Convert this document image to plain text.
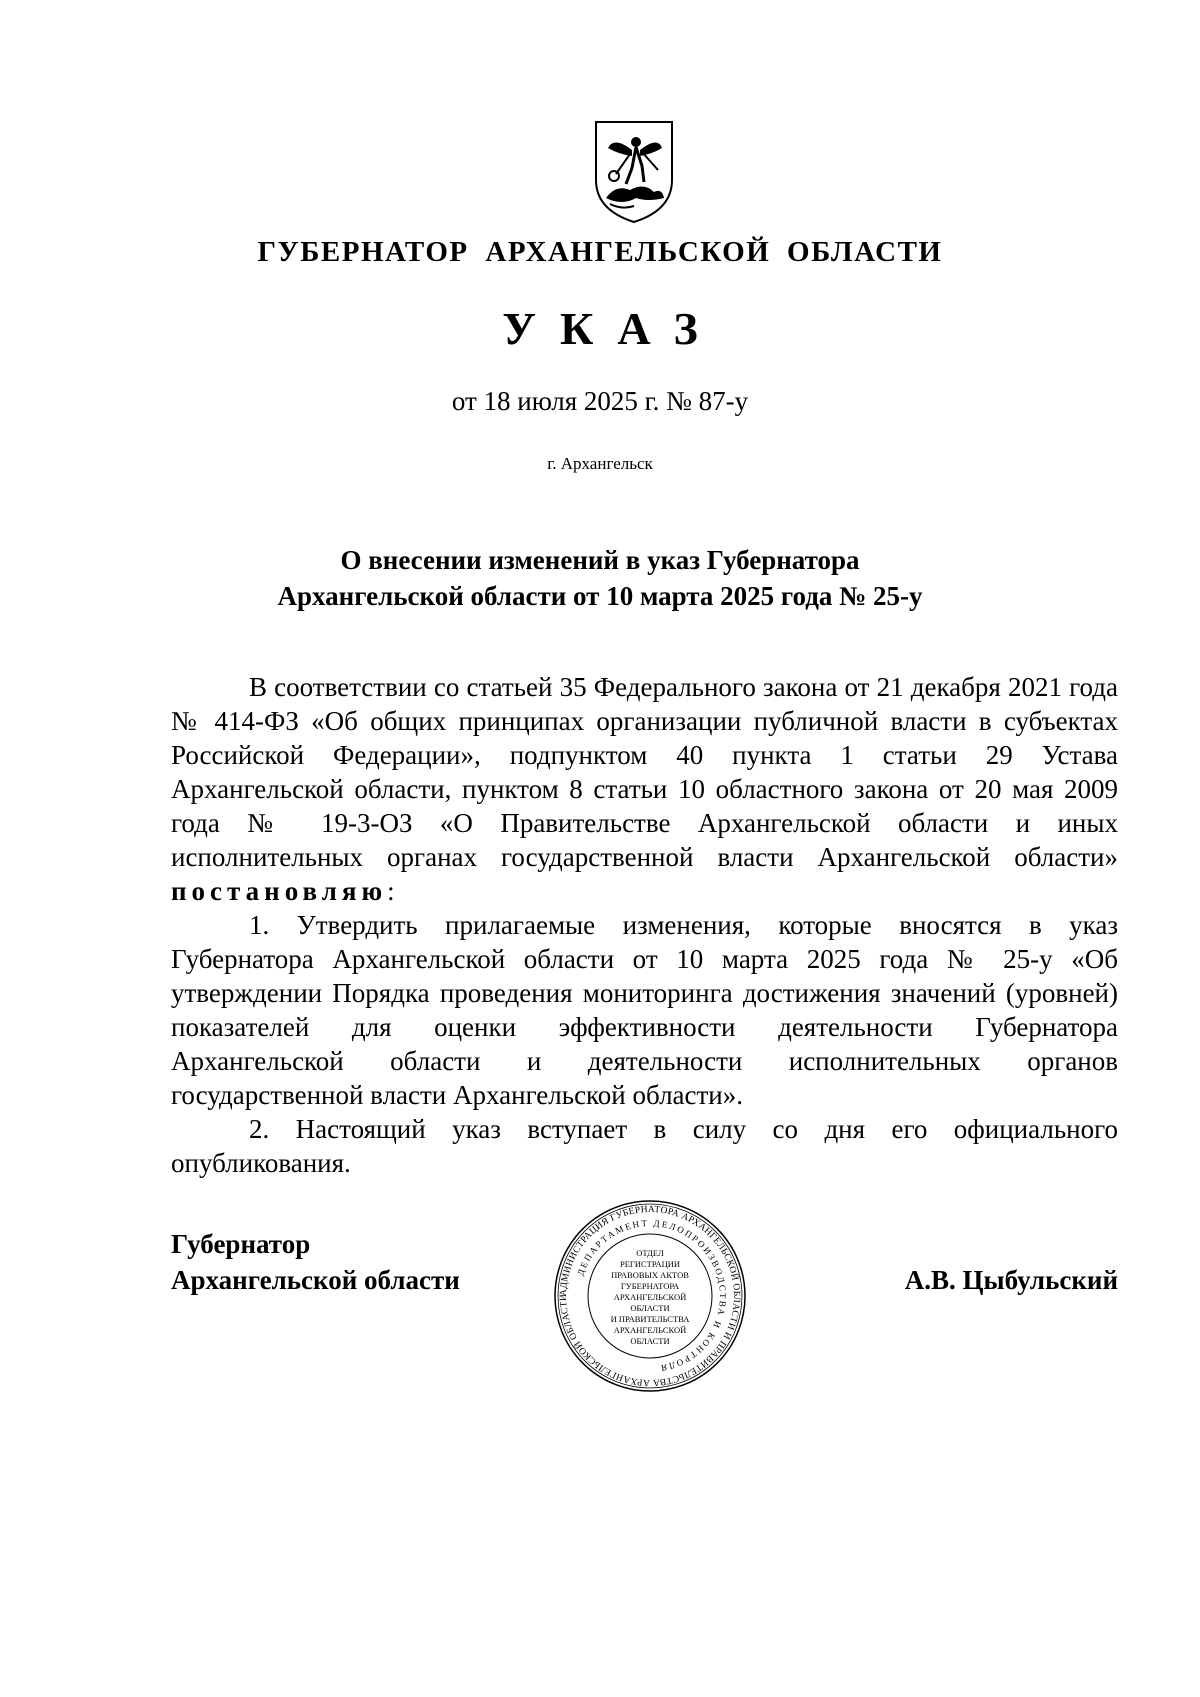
ГУБЕРНАТОР АРХАНГЕЛЬСКОЙ ОБЛАСТИ
УКАЗ
от 18 июля 2025 г. № 87-у
г. Архангельск
О внесении изменений в указ Губернатора
Архангельской области от 10 марта 2025 года № 25-у

В соответствии со статьей 35 Федерального закона от 21 декабря 2021 года № 414-ФЗ «Об общих принципах организации публичной власти в субъектах Российской Федерации», подпунктом 40 пункта 1 статьи 29 Устава Архангельской области, пунктом 8 статьи 10 областного закона от 20 мая 2009 года № 19-3-ОЗ «О Правительстве Архангельской области и иных исполнительных органах государственной власти Архангельской области» постановляю:

1. Утвердить прилагаемые изменения, которые вносятся в указ Губернатора Архангельской области от 10 марта 2025 года № 25-у «Об утверждении Порядка проведения мониторинга достижения значений (уровней) показателей для оценки эффективности деятельности Губернатора Архангельской области и деятельности исполнительных органов государственной власти Архангельской области».

2. Настоящий указ вступает в силу со дня его официального опубликования.

Губернатор
Архангельской области	А.В. Цыбульский
АДМИНИСТРАЦИЯ ГУБЕРНАТОРА АРХАНГЕЛЬСКОЙ ОБЛАСТИ И ПРАВИТЕЛЬСТВА АРХАНГЕЛЬСКОЙ ОБЛАСТИ
ДЕПАРТАМЕНТ ДЕЛОПРОИЗВОДСТВА И КОНТРОЛЯ
ОТДЕЛ
РЕГИСТРАЦИИ
ПРАВОВЫХ АКТОВ
ГУБЕРНАТОРА
АРХАНГЕЛЬСКОЙ
ОБЛАСТИ
И ПРАВИТЕЛЬСТВА
АРХАНГЕЛЬСКОЙ
ОБЛАСТИ
